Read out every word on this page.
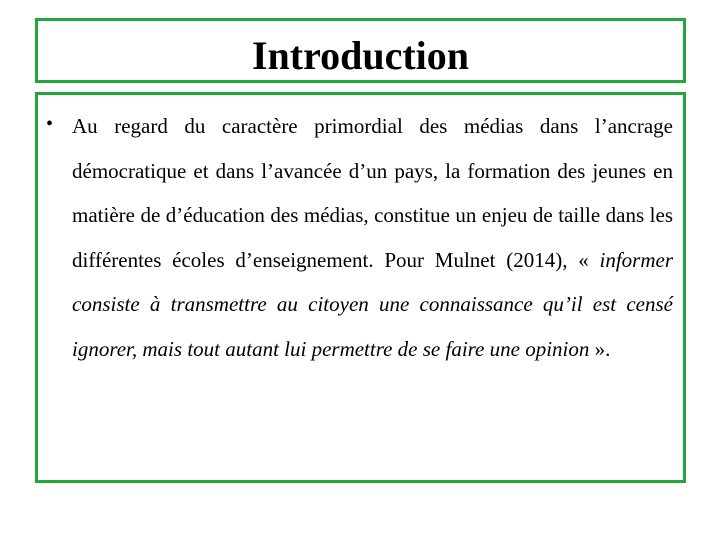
Introduction
• Au regard du caractère primordial des médias dans l’ancrage démocratique et dans l’avancée d’un pays, la formation des jeunes en matière de d’éducation des médias, constitue un enjeu de taille dans les différentes écoles d’enseignement. Pour Mulnet (2014), « informer consiste à transmettre au citoyen une connaissance qu’il est censé ignorer, mais tout autant lui permettre de se faire une opinion ».
